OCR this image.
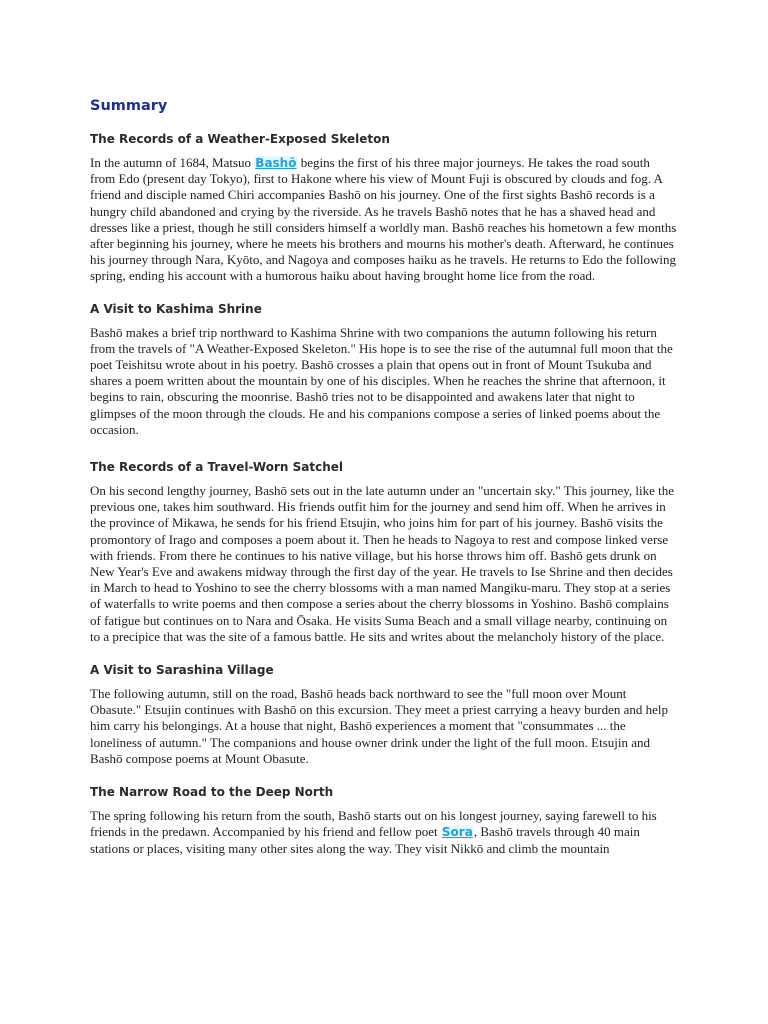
Summary
The Records of a Weather-Exposed Skeleton

In the autumn of 1684, Matsuo Bashō begins the first of his three major journeys. He takes the road south from Edo (present day Tokyo), first to Hakone where his view of Mount Fuji is obscured by clouds and fog. A friend and disciple named Chiri accompanies Bashō on his journey. One of the first sights Bashō records is a hungry child abandoned and crying by the riverside. As he travels Bashō notes that he has a shaved head and dresses like a priest, though he still considers himself a worldly man. Bashō reaches his hometown a few months after beginning his journey, where he meets his brothers and mourns his mother's death. Afterward, he continues his journey through Nara, Kyōto, and Nagoya and composes haiku as he travels. He returns to Edo the following spring, ending his account with a humorous haiku about having brought home lice from the road.

A Visit to Kashima Shrine

Bashō makes a brief trip northward to Kashima Shrine with two companions the autumn following his return from the travels of "A Weather-Exposed Skeleton." His hope is to see the rise of the autumnal full moon that the poet Teishitsu wrote about in his poetry. Bashō crosses a plain that opens out in front of Mount Tsukuba and shares a poem written about the mountain by one of his disciples. When he reaches the shrine that afternoon, it begins to rain, obscuring the moonrise. Bashō tries not to be disappointed and awakens later that night to glimpses of the moon through the clouds. He and his companions compose a series of linked poems about the occasion.

The Records of a Travel-Worn Satchel

On his second lengthy journey, Bashō sets out in the late autumn under an "uncertain sky." This journey, like the previous one, takes him southward. His friends outfit him for the journey and send him off. When he arrives in the province of Mikawa, he sends for his friend Etsujin, who joins him for part of his journey. Bashō visits the promontory of Irago and composes a poem about it. Then he heads to Nagoya to rest and compose linked verse with friends. From there he continues to his native village, but his horse throws him off. Bashō gets drunk on New Year's Eve and awakens midway through the first day of the year. He travels to Ise Shrine and then decides in March to head to Yoshino to see the cherry blossoms with a man named Mangiku-maru. They stop at a series of waterfalls to write poems and then compose a series about the cherry blossoms in Yoshino. Bashō complains of fatigue but continues on to Nara and Ōsaka. He visits Suma Beach and a small village nearby, continuing on to a precipice that was the site of a famous battle. He sits and writes about the melancholy history of the place.

A Visit to Sarashina Village

The following autumn, still on the road, Bashō heads back northward to see the "full moon over Mount Obasute." Etsujin continues with Bashō on this excursion. They meet a priest carrying a heavy burden and help him carry his belongings. At a house that night, Bashō experiences a moment that "consummates ... the loneliness of autumn." The companions and house owner drink under the light of the full moon. Etsujin and Bashō compose poems at Mount Obasute.

The Narrow Road to the Deep North

The spring following his return from the south, Bashō starts out on his longest journey, saying farewell to his friends in the predawn. Accompanied by his friend and fellow poet Sora, Bashō travels through 40 main stations or places, visiting many other sites along the way. They visit Nikkō and climb the mountain
